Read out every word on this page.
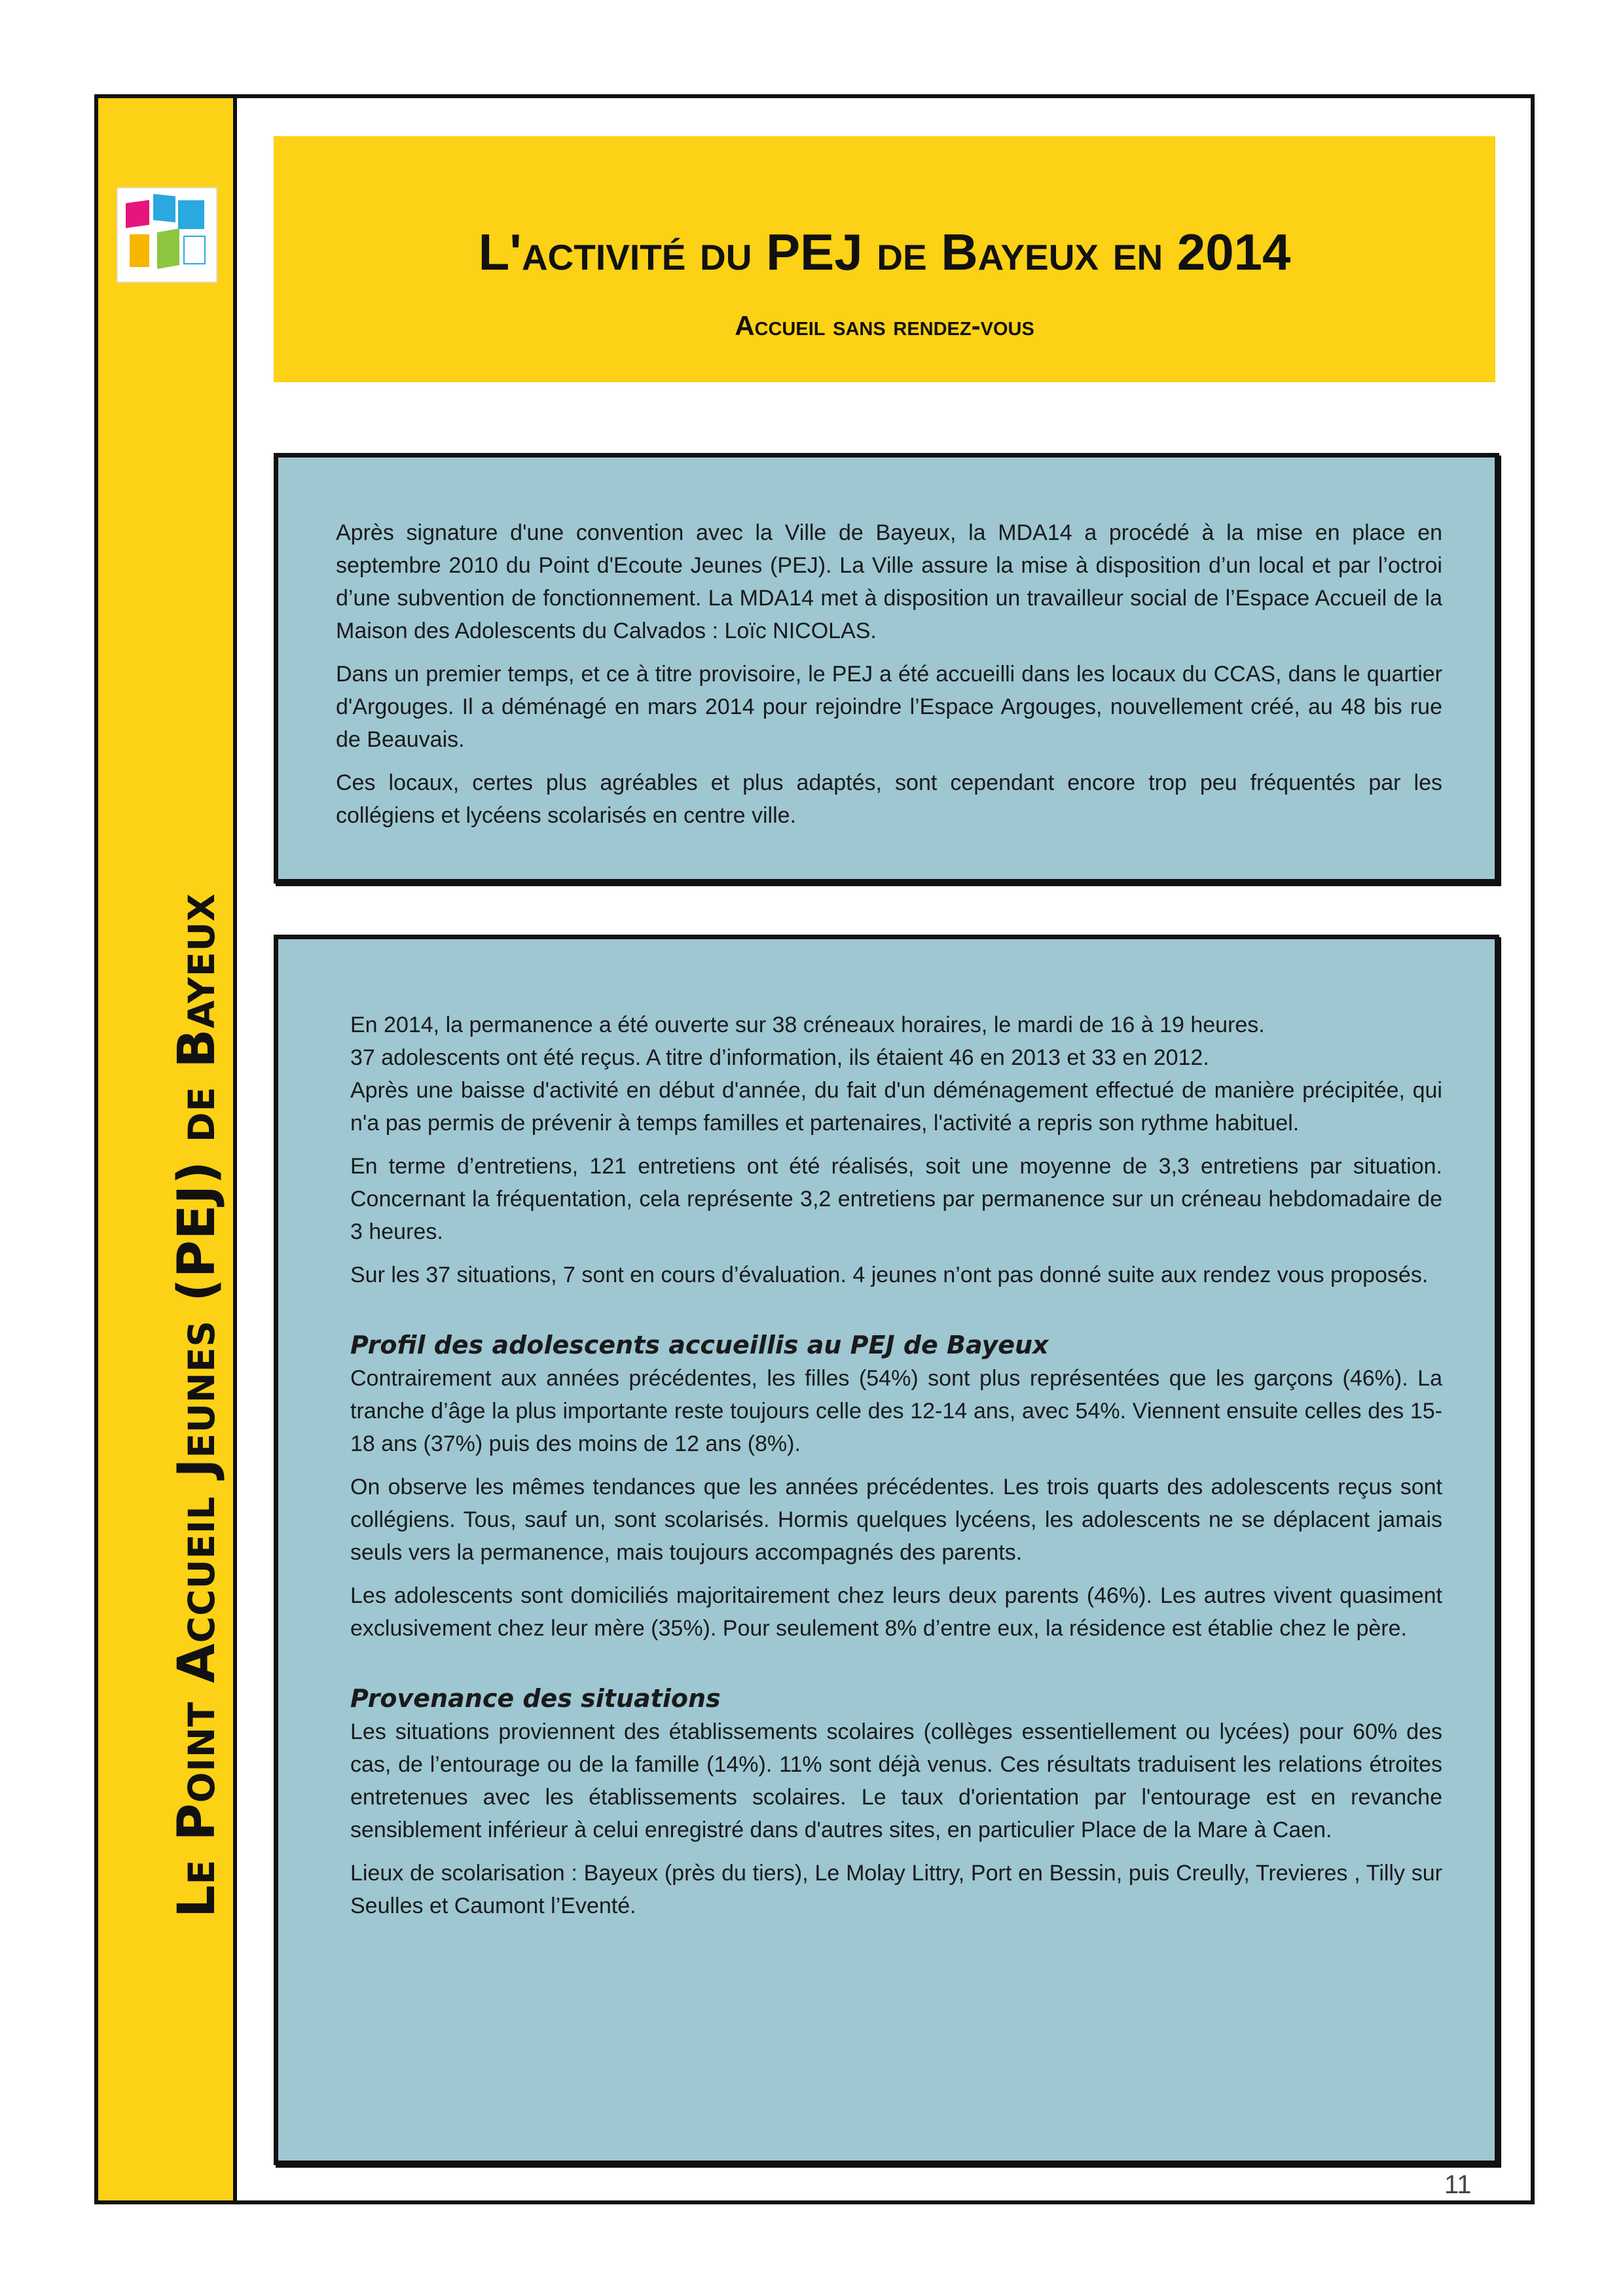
Le Point Accueil Jeunes (PEJ) de Bayeux
L'activité du PEJ de Bayeux en 2014
Accueil sans rendez-vous

Après signature d'une convention avec la Ville de Bayeux, la MDA14 a procédé à la mise en place en septembre 2010 du Point d'Ecoute Jeunes (PEJ). La Ville assure la mise à disposition d’un local et par l’octroi d’une subvention de fonctionnement. La MDA14 met à disposition un travailleur social de l’Espace Accueil de la Maison des Adolescents du Calvados : Loïc NICOLAS.

Dans un premier temps, et ce à titre provisoire, le PEJ a été accueilli dans les locaux du CCAS, dans le quartier d'Argouges. Il a déménagé en mars 2014 pour rejoindre l’Espace Argouges, nouvellement créé, au 48 bis rue de Beauvais.

Ces locaux, certes plus agréables et plus adaptés, sont cependant encore trop peu fréquentés par les collégiens et lycéens scolarisés en centre ville.

En 2014, la permanence a été ouverte sur 38 créneaux horaires, le mardi de 16 à 19 heures.

37 adolescents ont été reçus. A titre d’information, ils étaient 46 en 2013 et 33 en 2012.

Après une baisse d'activité en début d'année, du fait d'un déménagement effectué de manière précipitée, qui n'a pas permis de prévenir à temps familles et partenaires, l'activité a repris son rythme habituel.

En terme d’entretiens, 121 entretiens ont été réalisés, soit une moyenne de 3,3 entretiens par situation. Concernant la fréquentation, cela représente 3,2 entretiens par permanence sur un créneau hebdomadaire de 3 heures.

Sur les 37 situations, 7 sont en cours d’évaluation. 4 jeunes n’ont pas donné suite aux rendez vous proposés.

Profil des adolescents accueillis au PEJ de Bayeux

Contrairement aux années précédentes, les filles (54%) sont plus représentées que les garçons (46%). La tranche d’âge la plus importante reste toujours celle des 12-14 ans, avec 54%. Viennent ensuite celles des 15-18 ans (37%) puis des moins de 12 ans (8%).

On observe les mêmes tendances que les années précédentes. Les trois quarts des adolescents reçus sont collégiens. Tous, sauf un, sont scolarisés. Hormis quelques lycéens, les adolescents ne se déplacent jamais seuls vers la permanence, mais toujours accompagnés des parents.

Les adolescents sont domiciliés majoritairement chez leurs deux parents (46%). Les autres vivent quasiment exclusivement chez leur mère (35%). Pour seulement 8% d’entre eux, la résidence est établie chez le père.

Provenance des situations

Les situations proviennent des établissements scolaires (collèges essentiellement ou lycées) pour 60% des cas, de l’entourage ou de la famille (14%). 11% sont déjà venus. Ces résultats traduisent les relations étroites entretenues avec les établissements scolaires. Le taux d'orientation par l'entourage est en revanche sensiblement inférieur à celui enregistré dans d'autres sites, en particulier Place de la Mare à Caen.

Lieux de scolarisation : Bayeux (près du tiers), Le Molay Littry, Port en Bessin, puis Creully, Trevieres , Tilly sur Seulles et Caumont l’Eventé.

11
